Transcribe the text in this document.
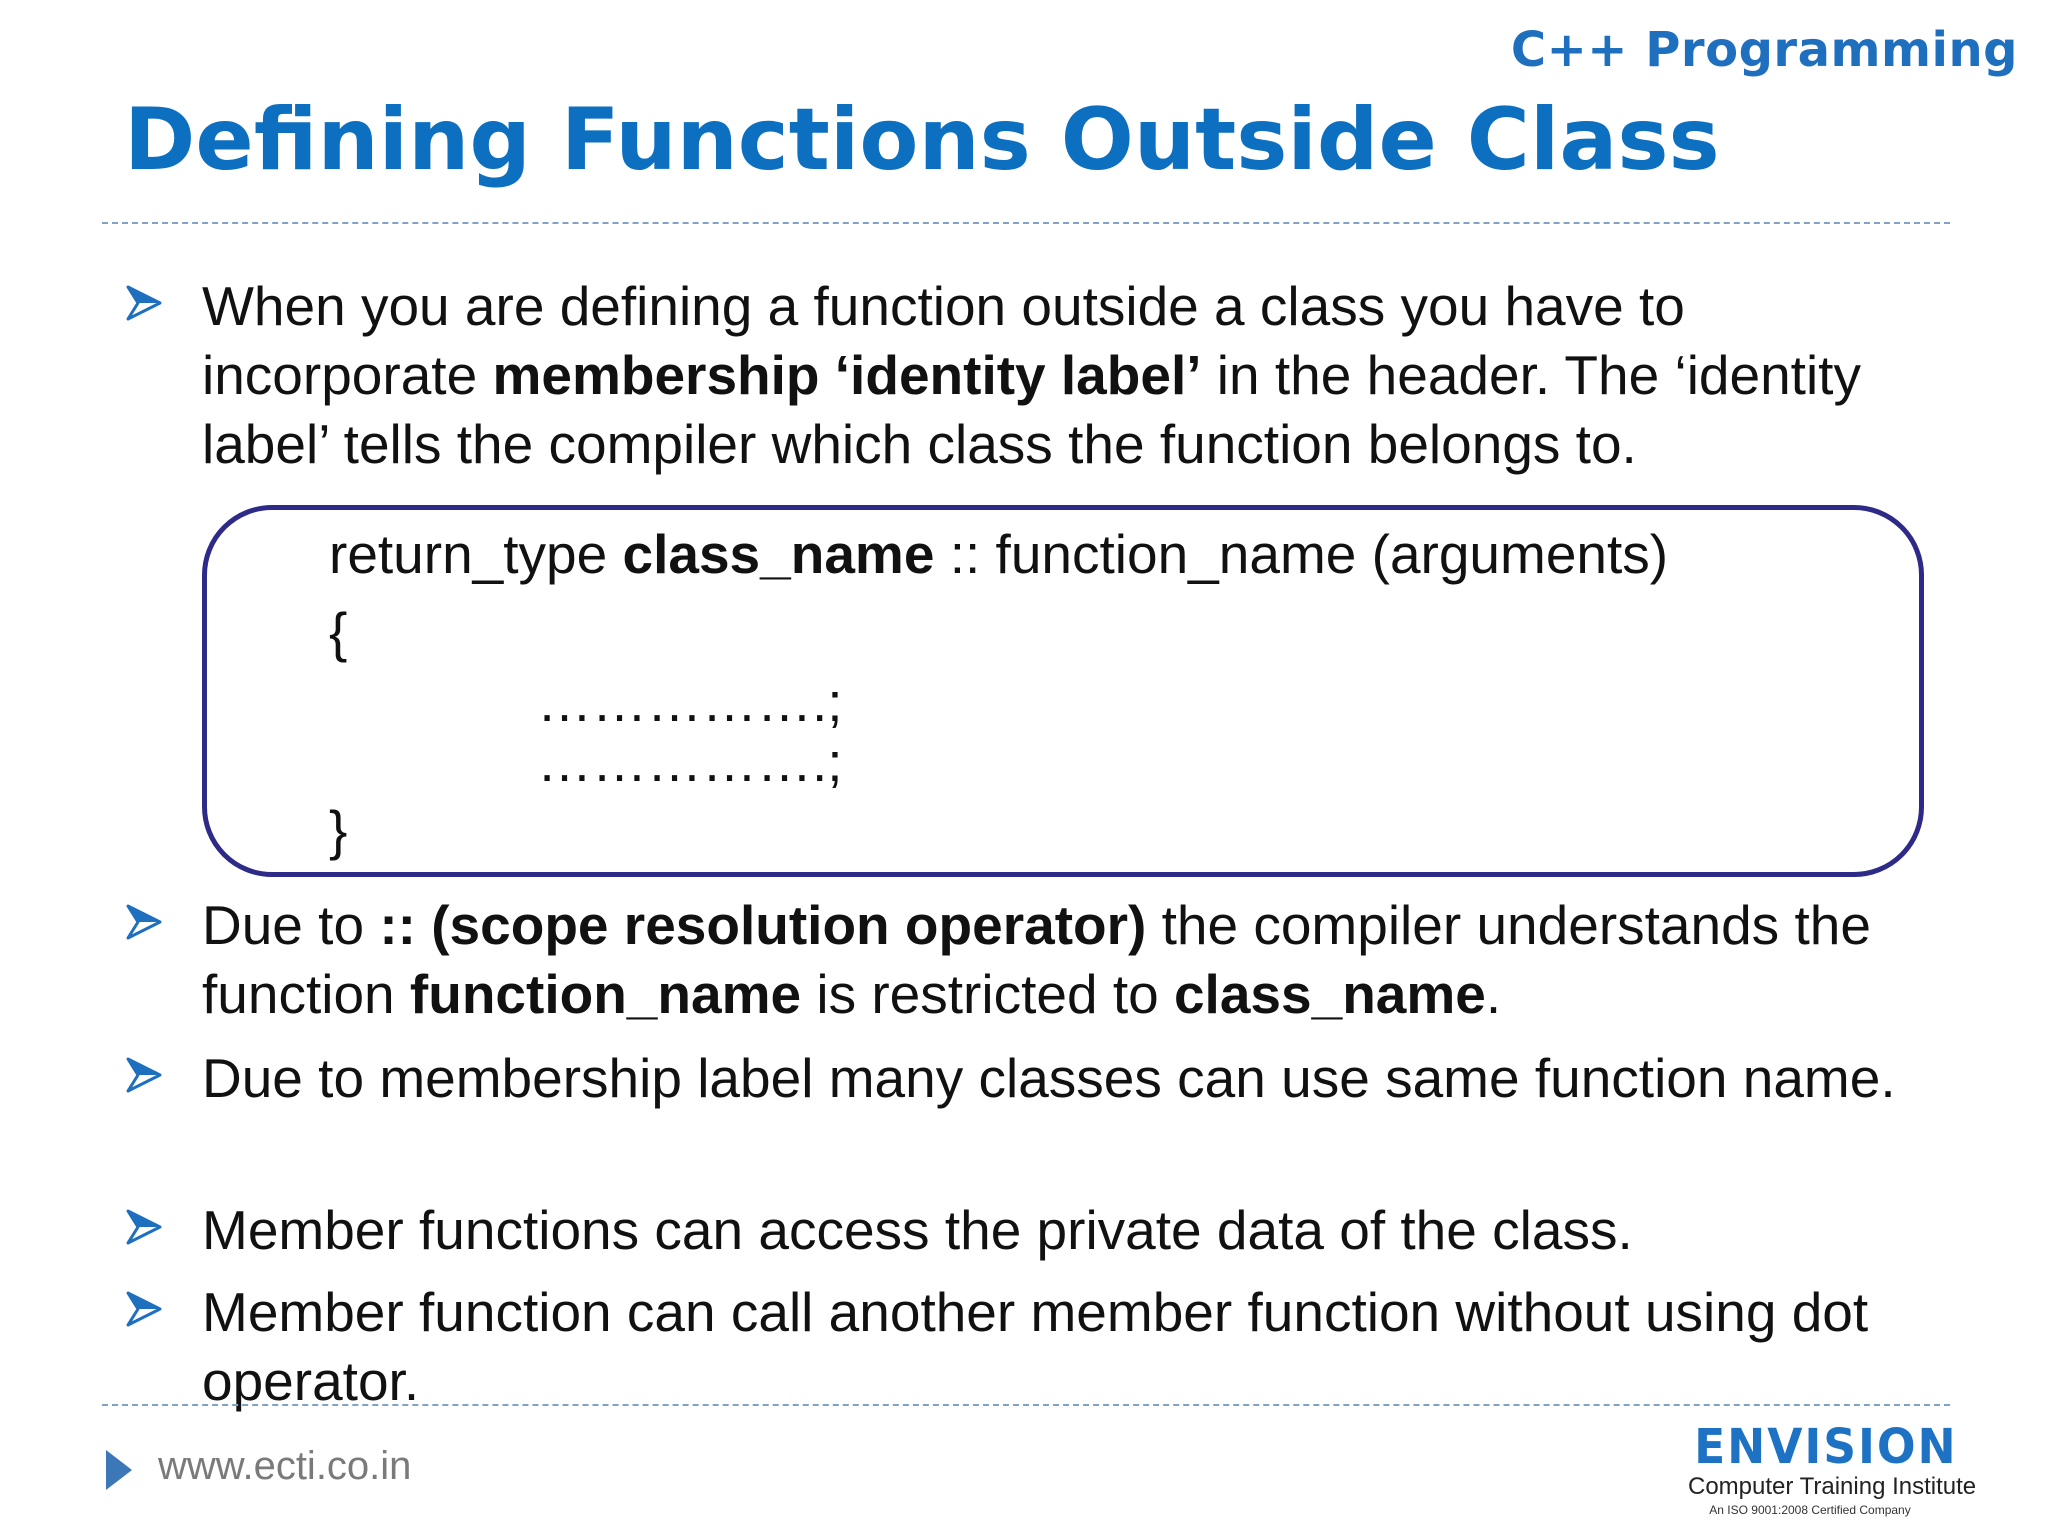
C++ Programming
Defining Functions Outside Class
When you are defining a function outside a class you have to incorporate membership ‘identity label’ in the header. The ‘identity label’ tells the compiler which class the function belongs to.
return_type class_name :: function_name (arguments)
{
…………….;
…………….;
}
Due to :: (scope resolution operator) the compiler understands the function function_name is restricted to class_name.
Due to membership label many classes can use same function name.
Member functions can access the private data of the class.
Member function can call another member function without using dot operator.
www.ecti.co.in	ENVISION
Computer Training Institute
An ISO 9001:2008 Certified Company
